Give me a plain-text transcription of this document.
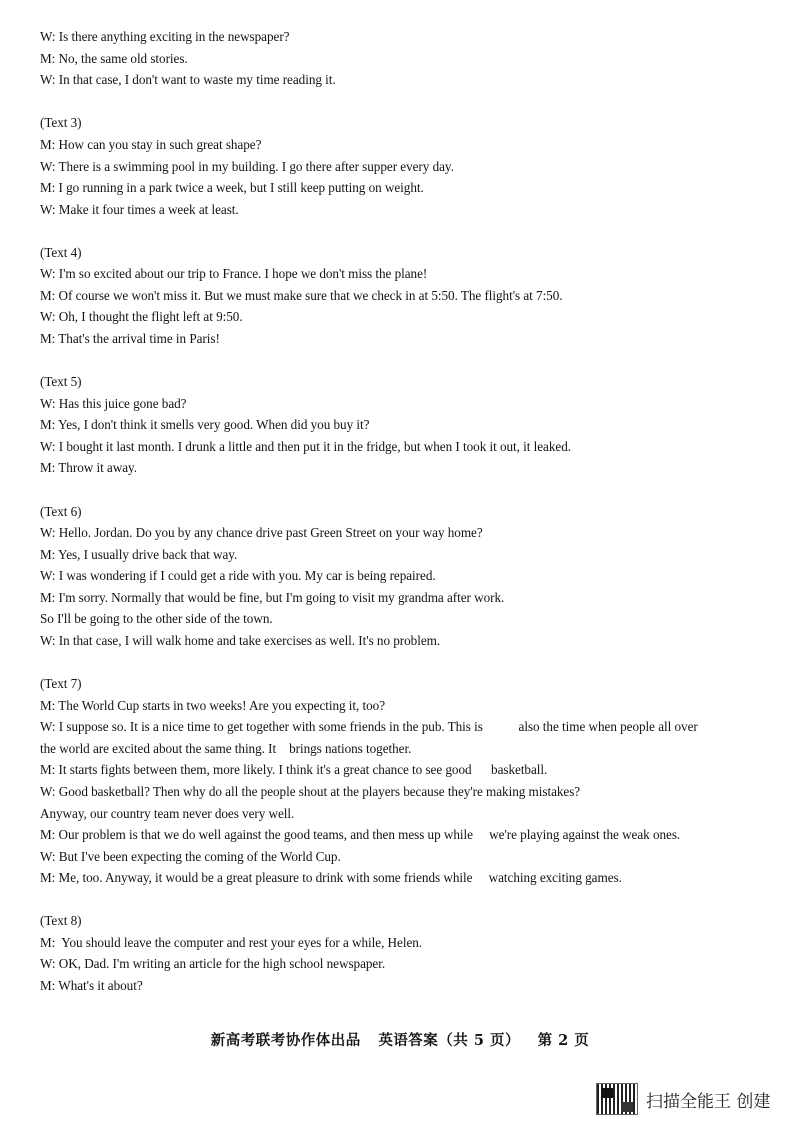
W: Is there anything exciting in the newspaper?

M: No, the same old stories.

W: In that case, I don't want to waste my time reading it.

(Text 3)

M: How can you stay in such great shape?

W: There is a swimming pool in my building. I go there after supper every day.

M: I go running in a park twice a week, but I still keep putting on weight.

W: Make it four times a week at least.

(Text 4)

W: I'm so excited about our trip to France. I hope we don't miss the plane!

M: Of course we won't miss it. But we must make sure that we check in at 5:50. The flight's at 7:50.

W: Oh, I thought the flight left at 9:50.

M: That's the arrival time in Paris!

(Text 5)

W: Has this juice gone bad?

M: Yes, I don't think it smells very good. When did you buy it?

W: I bought it last month. I drunk a little and then put it in the fridge, but when I took it out, it leaked.

M: Throw it away.

(Text 6)

W: Hello. Jordan. Do you by any chance drive past Green Street on your way home?

M: Yes, I usually drive back that way.

W: I was wondering if I could get a ride with you. My car is being repaired.

M: I'm sorry. Normally that would be fine, but I'm going to visit my grandma after work.

So I'll be going to the other side of the town.

W: In that case, I will walk home and take exercises as well. It's no problem.

(Text 7)

M: The World Cup starts in two weeks! Are you expecting it, too?

W: I suppose so. It is a nice time to get together with some friends in the pub. This is           also the time when people all over

the world are excited about the same thing. It    brings nations together.

M: It starts fights between them, more likely. I think it's a great chance to see good      basketball.

W: Good basketball? Then why do all the people shout at the players because they're making mistakes?

Anyway, our country team never does very well.

M: Our problem is that we do well against the good teams, and then mess up while     we're playing against the weak ones.

W: But I've been expecting the coming of the World Cup.

M: Me, too. Anyway, it would be a great pleasure to drink with some friends while     watching exciting games.

(Text 8)

M:  You should leave the computer and rest your eyes for a while, Helen.

W: OK, Dad. I'm writing an article for the high school newspaper.

M: What's it about?

新高考联考协作体出品 英语答案（共 5 页） 第 2 页
扫描全能王 创建
